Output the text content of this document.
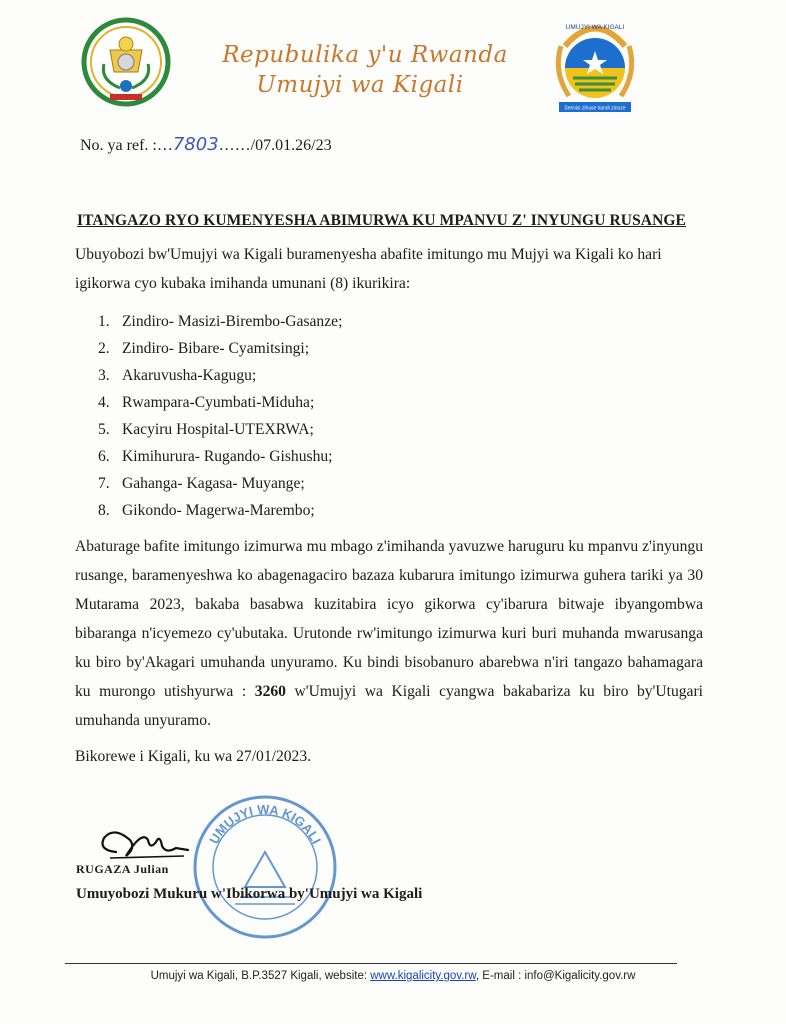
Repubulika y'u Rwanda
Umujyi wa Kigali
UMUJYI WA KIGALI
Serivisi zihuse kandi zinoze
No. ya ref. :…7803……/07.01.26/23
ITANGAZO RYO KUMENYESHA ABIMURWA KU MPANVU Z' INYUNGU RUSANGE
Ubuyobozi bw'Umujyi wa Kigali buramenyesha abafite imitungo mu Mujyi wa Kigali ko hari igikorwa cyo kubaka imihanda umunani (8) ikurikira:
1. Zindiro- Masizi-Birembo-Gasanze;
2. Zindiro- Bibare- Cyamitsingi;
3. Akaruvusha-Kagugu;
4. Rwampara-Cyumbati-Miduha;
5. Kacyiru Hospital-UTEXRWA;
6. Kimihurura- Rugando- Gishushu;
7. Gahanga- Kagasa- Muyange;
8. Gikondo- Magerwa-Marembo;
Abaturage bafite imitungo izimurwa mu mbago z'imihanda yavuzwe haruguru ku mpanvu z'inyungu rusange, baramenyeshwa ko abagenagaciro bazaza kubarura imitungo izimurwa guhera tariki ya 30 Mutarama 2023, bakaba basabwa kuzitabira icyo gikorwa cy'ibarura bitwaje ibyangombwa bibaranga n'icyemezo cy'ubutaka. Urutonde rw'imitungo izimurwa kuri buri muhanda mwarusanga ku biro by'Akagari umuhanda unyuramo. Ku bindi bisobanuro abarebwa n'iri tangazo bahamagara ku murongo utishyurwa : 3260 w'Umujyi wa Kigali cyangwa bakabariza ku biro by'Utugari umuhanda unyuramo.
Bikorewe i Kigali, ku wa 27/01/2023.
UMUJYI WA KIGALI
RUGAZA Julian
Umuyobozi Mukuru w'Ibikorwa by'Umujyi wa Kigali
Umujyi wa Kigali, B.P.3527 Kigali, website: www.kigalicity.gov.rw, E-mail : info@Kigalicity.gov.rw
